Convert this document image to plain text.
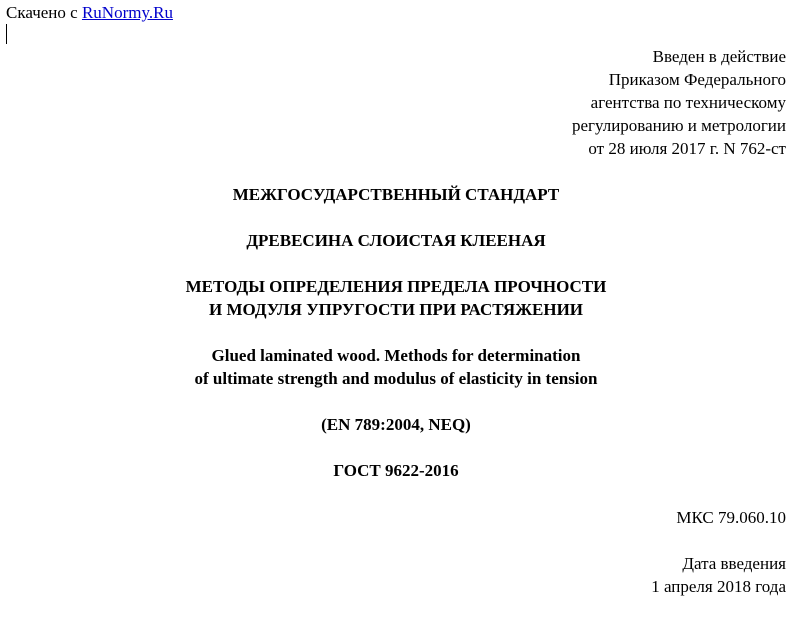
Скачено с RuNormy.Ru
Введен в действие
Приказом Федерального
агентства по техническому
регулированию и метрологии
от 28 июля 2017 г. N 762-ст
МЕЖГОСУДАРСТВЕННЫЙ СТАНДАРТ
ДРЕВЕСИНА СЛОИСТАЯ КЛЕЕНАЯ
МЕТОДЫ ОПРЕДЕЛЕНИЯ ПРЕДЕЛА ПРОЧНОСТИ
И МОДУЛЯ УПРУГОСТИ ПРИ РАСТЯЖЕНИИ
Glued laminated wood. Methods for determination
of ultimate strength and modulus of elasticity in tension
(EN 789:2004, NEQ)
ГОСТ 9622-2016
МКС 79.060.10
Дата введения
1 апреля 2018 года
